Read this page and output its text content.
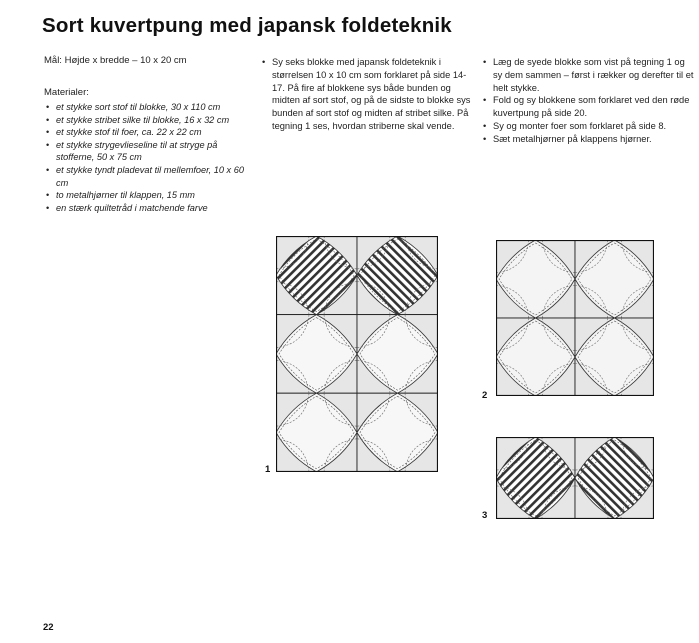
Sort kuvertpung med japansk foldeteknik
Mål: Højde x bredde – 10 x 20 cm
Materialer:
• et stykke sort stof til blokke, 30 x 110 cm
• et stykke stribet silke til blokke, 16 x 32 cm
• et stykke stof til foer, ca. 22 x 22 cm
• et stykke strygevlieseline til at stryge på stofferne, 50 x 75 cm
• et stykke tyndt pladevat til mellemfoer, 10 x 60 cm
• to metalhjørner til klappen, 15 mm
• en stærk quiltetråd i matchende farve
• Sy seks blokke med japansk foldeteknik i størrelsen 10 x 10 cm som forklaret på side 14-17. På fire af blokkene sys både bunden og midten af sort stof, og på de sidste to blokke sys bunden af sort stof og midten af stribet silke. På tegning 1 ses, hvordan striberne skal vende.
• Læg de syede blokke som vist på tegning 1 og sy dem sammen – først i rækker og derefter til et helt stykke.
• Fold og sy blokkene som forklaret ved den røde kuvertpung på side 20.
• Sy og monter foer som forklaret på side 8.
• Sæt metalhjørner på klappens hjørner.
1
2
3
22
